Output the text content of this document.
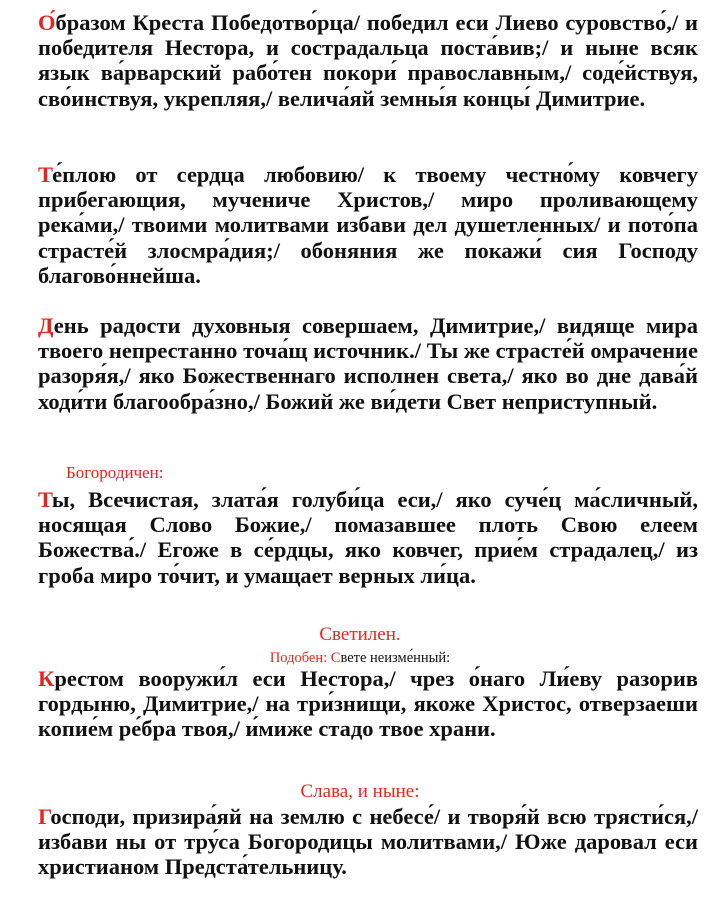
О́бразом Креста Победотво́рца/ победил еси Лиево суровство́,/ и победителя Нестора, и сострадальца поста́вив;/ и ныне всяк язык ва́рварский рабо́тен покори́ православным,/ соде́йствуя, сво́инствуя, укрепляя,/ велича́яй земны́я концы́ Димитрие.
Те́плою от сердца любовию/ к твоему честно́му ковчегу прибегающия, мучениче Христов,/ миро проливающему река́ми,/ твоими молитвами избави дел душетленных/ и пото́па страсте́й злосмра́дия;/ обоняния же покажи́ сия Господу благово́ннейша.
День радости духовныя совершаем, Димитрие,/ видяще мира твоего непрестанно точа́щ источник./ Ты же страсте́й омрачение разоря́я,/ яко Божественнаго исполнен света,/ яко во дне дава́й ходи́ти благообра́зно,/ Божий же ви́дети Свет неприступный.
Богородичен:
Ты, Всечистая, злата́я голуби́ца еси,/ яко суче́ц ма́сличный, носящая Слово Божие,/ помазавшее плоть Свою елеем Божества́./ Егоже в се́рдцы, яко ковчег, прие́м страдалец,/ из гроба миро то́чит, и умащает верных ли́ца.
Светилен.
Подобен: Свете неизме́нный:
Крестом вооружи́л еси Нестора,/ чрез о́наго Ли́еву разорив гордыню, Димитрие,/ на три́знищи, якоже Христос, отверзаеши копие́м ре́бра твоя,/ и́миже стадо твое храни.
Слава, и ныне:
Господи, призира́яй на землю с небесе́/ и творя́й всю трясти́ся,/ избави ны от тру́са Богородицы молитвами,/ Юже даровал еси христианом Предста́тельницу.
